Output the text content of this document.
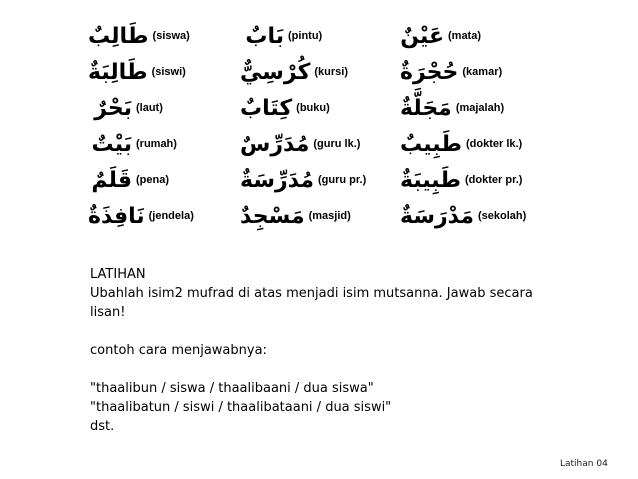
طَالِبٌ (siswa)
طَالِبَةٌ (siswi)
بَحْرٌ (laut)
بَيْتٌ (rumah)
قَلَمٌ (pena)
نَافِذَةٌ (jendela)
بَابٌ (pintu)
كُرْسِيٌّ (kursi)
كِتَابٌ (buku)
مُدَرِّسٌ (guru lk.)
مُدَرِّسَةٌ (guru pr.)
مَسْجِدٌ (masjid)
عَيْنٌ (mata)
حُجْرَةٌ (kamar)
مَجَلَّةٌ (majalah)
طَبِيبٌ (dokter lk.)
طَبِيبَةٌ (dokter pr.)
مَدْرَسَةٌ (sekolah)

LATIHAN

Ubahlah isim2 mufrad di atas menjadi isim mutsanna. Jawab secara

lisan!

contoh cara menjawabnya:

"thaalibun / siswa / thaalibaani / dua siswa"

"thaalibatun / siswi / thaalibataani / dua siswi"

dst.

Latihan 04
